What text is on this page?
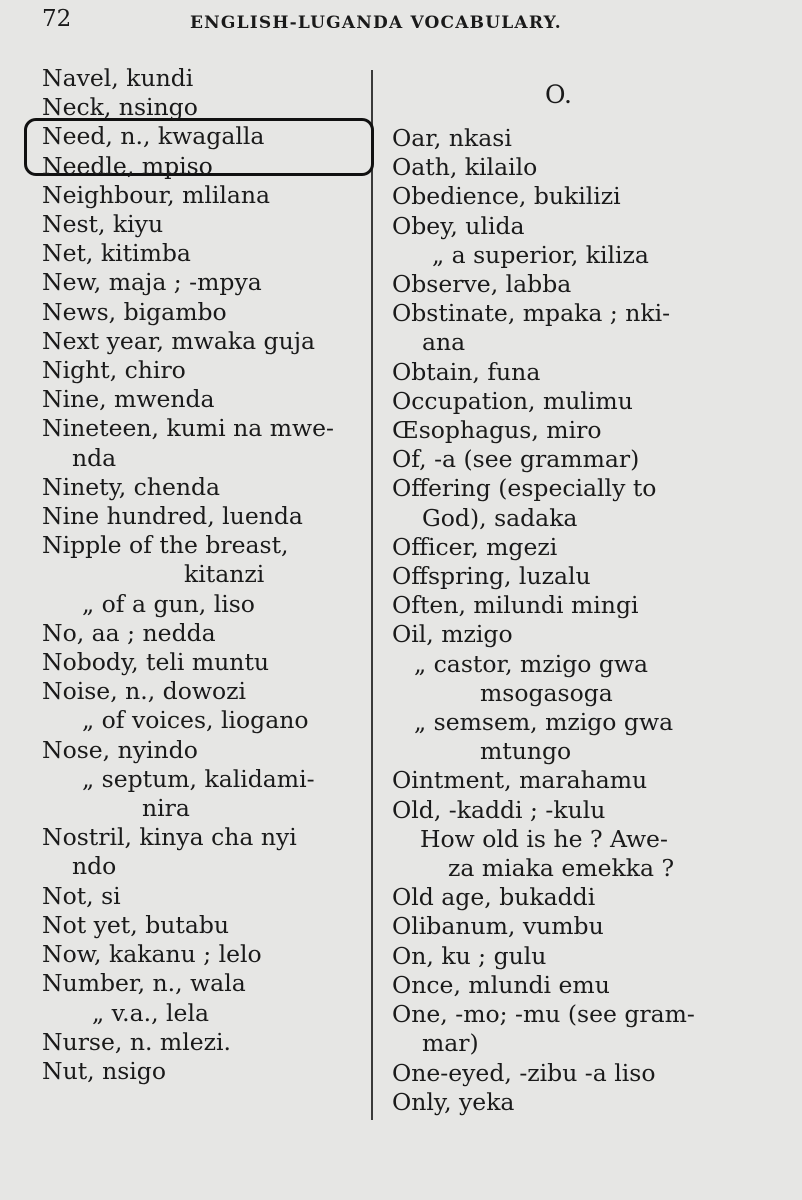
72	ENGLISH-LUGANDA VOCABULARY.
O.
Navel, kundi
Neck, nsingo
Need, n., kwagalla
Needle, mpiso
Neighbour, mlilana
Nest, kiyu
Net, kitimba
New, maja ; -mpya
News, bigambo
Next year, mwaka guja
Night, chiro
Nine, mwenda
Nineteen, kumi na mwe-
nda
Ninety, chenda
Nine hundred, luenda
Nipple of the breast,
kitanzi
„ of a gun, liso
No, aa ; nedda
Nobody, teli muntu
Noise, n., dowozi
„ of voices, liogano
Nose, nyindo
„ septum, kalidami-
nira
Nostril, kinya cha nyi
ndo
Not, si
Not yet, butabu
Now, kakanu ; lelo
Number, n., wala
„ v.a., lela
Nurse, n. mlezi.
Nut, nsigo
Oar, nkasi
Oath, kilailo
Obedience, bukilizi
Obey, ulida
„ a superior, kiliza
Observe, labba
Obstinate, mpaka ; nki-
ana
Obtain, funa
Occupation, mulimu
Œsophagus, miro
Of, -a (see grammar)
Offering (especially to
God), sadaka
Officer, mgezi
Offspring, luzalu
Often, milundi mingi
Oil, mzigo
„ castor, mzigo gwa
msogasoga
„ semsem, mzigo gwa
mtungo
Ointment, marahamu
Old, -kaddi ; -kulu
How old is he ? Awe-
za miaka emekka ?
Old age, bukaddi
Olibanum, vumbu
On, ku ; gulu
Once, mlundi emu
One, -mo; -mu (see gram-
mar)
One-eyed, -zibu -a liso
Only, yeka
